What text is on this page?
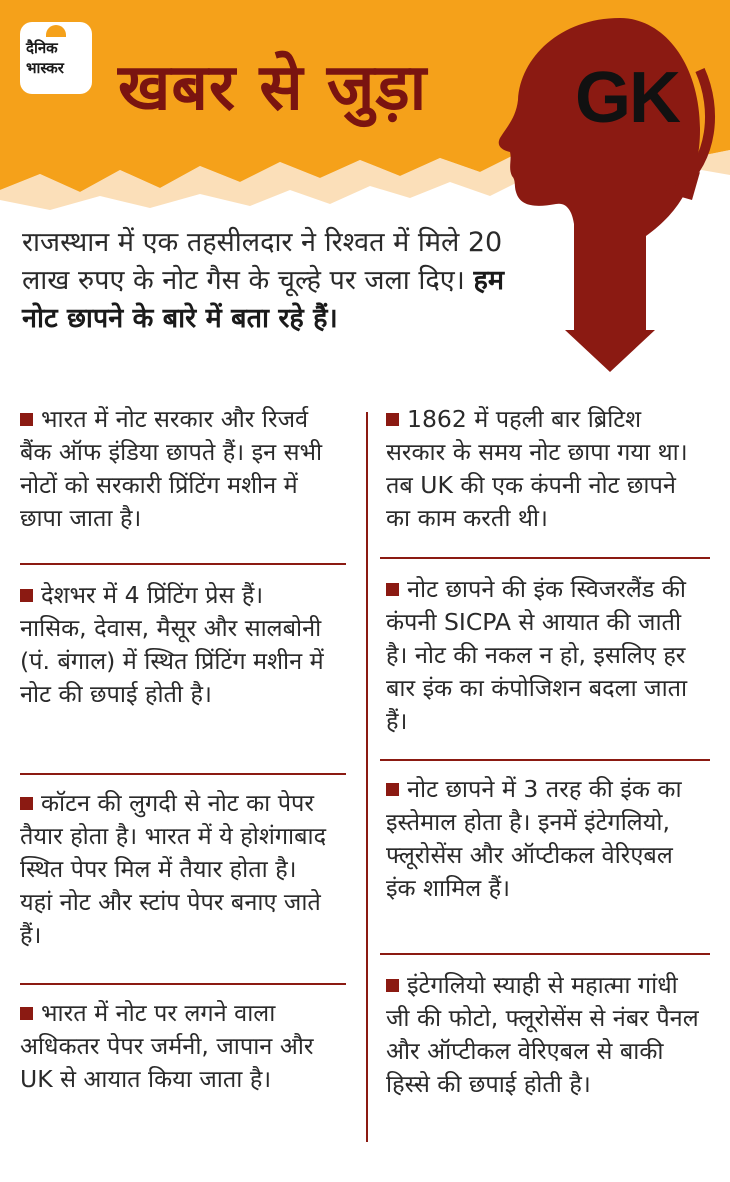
GK
दैनिक
भास्कर खबर से जुड़ा
राजस्थान में एक तहसीलदार ने रिश्वत में मिले 20 लाख रुपए के नोट गैस के चूल्हे पर जला दिए। हम नोट छापने के बारे में बता रहे हैं।
भारत में नोट सरकार और रिजर्व बैंक ऑफ इंडिया छापते हैं। इन सभी नोटों को सरकारी प्रिंटिंग मशीन में छापा जाता है।
देशभर में 4 प्रिंटिंग प्रेस हैं। नासिक, देवास, मैसूर और सालबोनी (पं. बंगाल) में स्थित प्रिंटिंग मशीन में नोट की छपाई होती है।
कॉटन की लुगदी से नोट का पेपर तैयार होता है। भारत में ये होशंगाबाद स्थित पेपर मिल में तैयार होता है। यहां नोट और स्टांप पेपर बनाए जाते हैं।
भारत में नोट पर लगने वाला अधिकतर पेपर जर्मनी, जापान और UK से आयात किया जाता है।
1862 में पहली बार ब्रिटिश सरकार के समय नोट छापा गया था। तब UK की एक कंपनी नोट छापने का काम करती थी।
नोट छापने की इंक स्विजरलैंड की कंपनी SICPA से आयात की जाती है। नोट की नकल न हो, इसलिए हर बार इंक का कंपोजिशन बदला जाता हैं।
नोट छापने में 3 तरह की इंक का इस्तेमाल होता है। इनमें इंटेगलियो, फ्लूरोसेंस और ऑप्टीकल वेरिएबल इंक शामिल हैं।
इंटेगलियो स्याही से महात्मा गांधी जी की फोटो, फ्लूरोसेंस से नंबर पैनल और ऑप्टीकल वेरिएबल से बाकी हिस्से की छपाई होती है।
